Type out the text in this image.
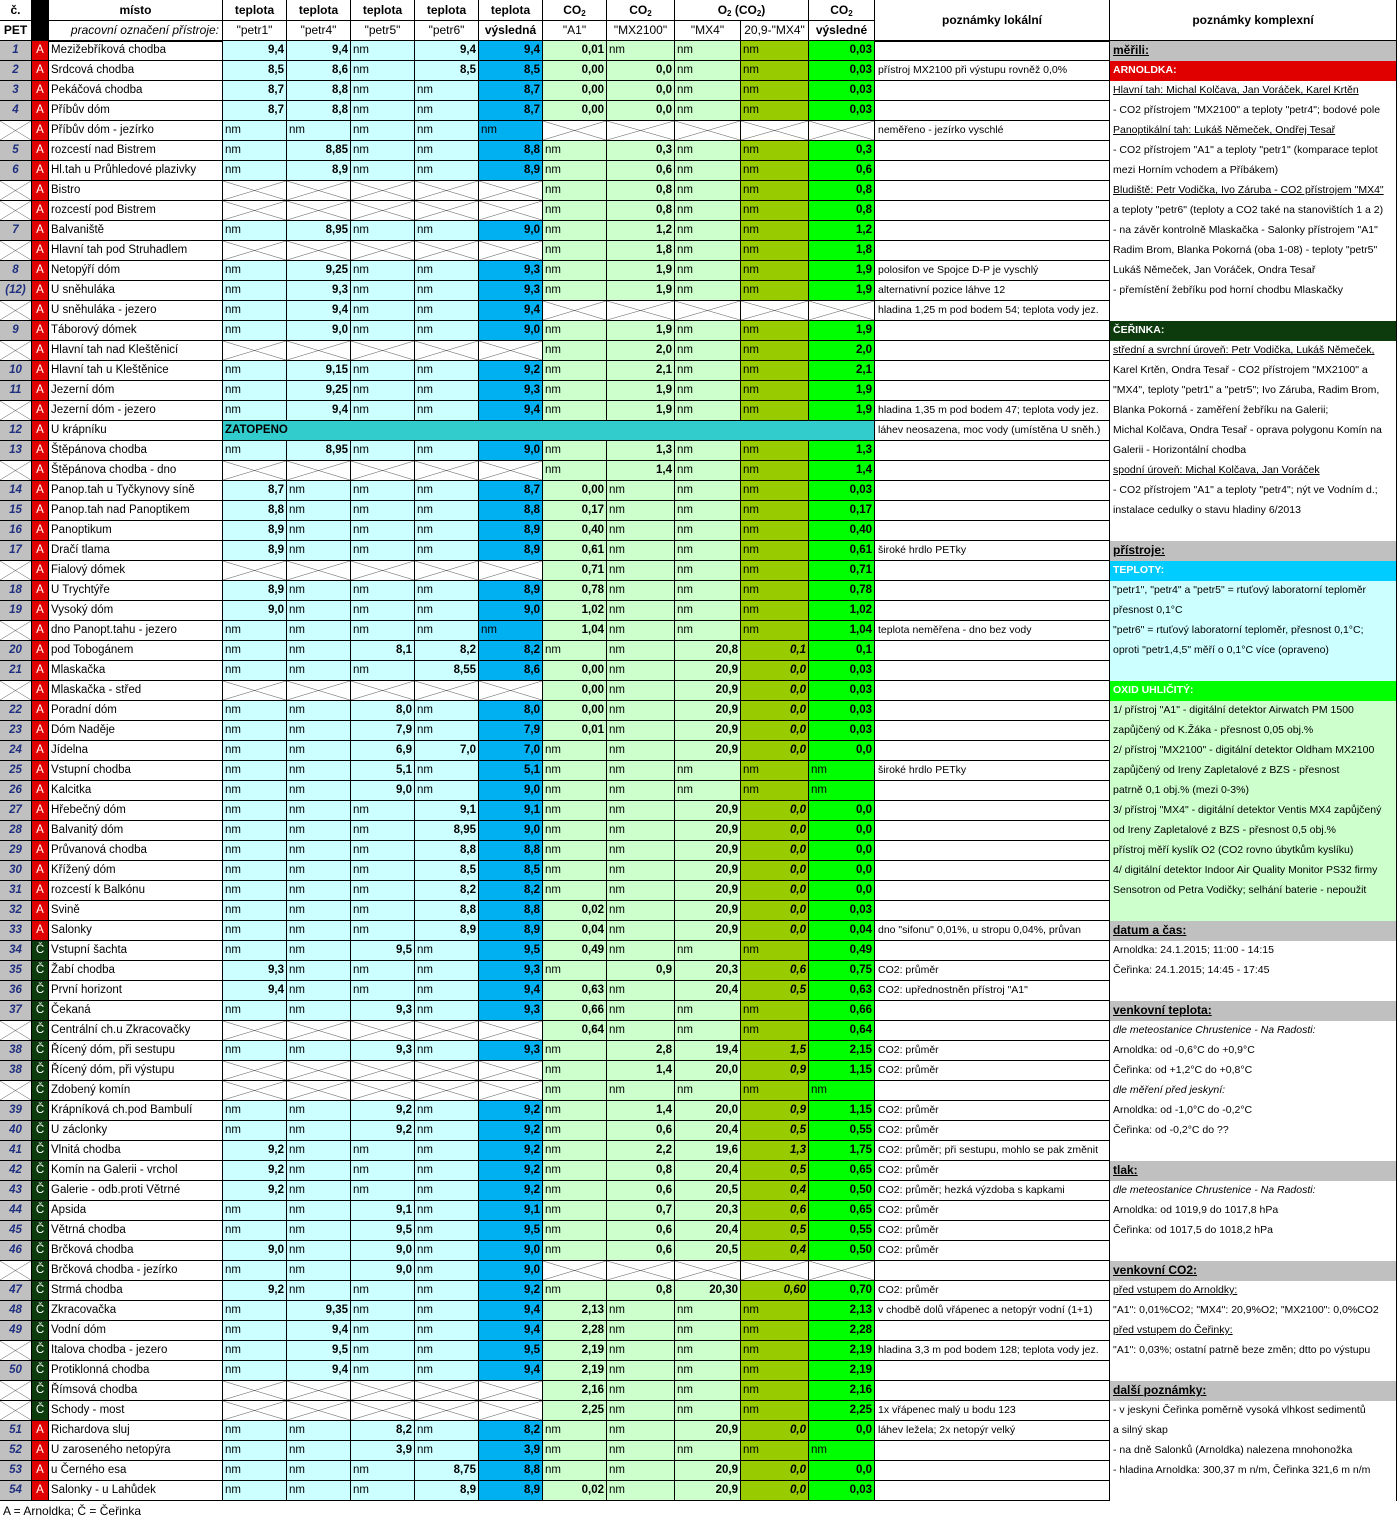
č.	místo	teplota	teplota	teplota	teplota	teplota	$CO_2$	$CO_2$	$O_2$ $(CO_2)$	$CO_2$	poznámky lokální	poznámky komplexní
PET	pracovní označení přístroje:	"petr1"	"petr4"	"petr5"	"petr6"	výsledná	"A1"	"MX2100"	"MX4"	20,9-"MX4" výsledné
1	A Mezižebříková chodba	9,4	9,4 nm	9,4	9,4	0,01 nm	nm	nm	0,03
2	A Srdcová chodba	8,5	8,6 nm	8,5	8,5	0,00	0,0 nm	nm	0,03 přístroj MX2100 při výstupu rovněž 0,0%
3	A Pekáčová chodba	8,7	8,8 nm	nm	8,7	0,00	0,0 nm	nm	0,03
4	A Příbův dóm	8,7	8,8 nm	nm	8,7	0,00	0,0 nm	nm	0,03
A Příbův dóm - jezírko	nm	nm	nm	nm	nm	neměřeno - jezírko vyschlé
5	A rozcestí nad Bistrem	nm	8,85 nm	nm	8,8 nm	0,3 nm	nm	0,3
6	A Hl.tah u Průhledové plazivky	nm	8,9 nm	nm	8,9 nm	0,6 nm	nm	0,6
A Bistro	nm	0,8 nm	nm	0,8
A rozcestí pod Bistrem	nm	0,8 nm	nm	0,8
7	A Balvaniště	nm	8,95 nm	nm	9,0 nm	1,2 nm	nm	1,2
A Hlavní tah pod Struhadlem	nm	1,8 nm	nm	1,8
8	A Netopýří dóm	nm	9,25 nm	nm	9,3 nm	1,9 nm	nm	1,9 polosifon ve Spojce D-P je vyschlý
(12) A U sněhuláka	nm	9,3 nm	nm	9,3 nm	1,9 nm	nm	1,9 alternativní pozice láhve 12
A U sněhuláka - jezero	nm	9,4 nm	nm	9,4	hladina 1,25 m pod bodem 54; teplota vody jez.
9	A Táborový dómek	nm	9,0 nm	nm	9,0 nm	1,9 nm	nm	1,9
A Hlavní tah nad Kleštěnicí	nm	2,0 nm	nm	2,0
10	A Hlavní tah u Kleštěnice	nm	9,15 nm	nm	9,2 nm	2,1 nm	nm	2,1
11	A Jezerní dóm	nm	9,25 nm	nm	9,3 nm	1,9 nm	nm	1,9
A Jezerní dóm - jezero	nm	9,4 nm	nm	9,4 nm	1,9 nm	nm	1,9 hladina 1,35 m pod bodem 47; teplota vody jez.
12	A U krápníku	ZATOPENO	láhev neosazena, moc vody (umístěna U sněh.)
13	A Štěpánova chodba	nm	8,95 nm	nm	9,0 nm	1,3 nm	nm	1,3
A Štěpánova chodba - dno	nm	1,4 nm	nm	1,4
14	A Panop.tah u Tyčkynovy síně	8,7 nm	nm	nm	8,7	0,00 nm	nm	nm	0,03
15	A Panop.tah nad Panoptikem	8,8 nm	nm	nm	8,8	0,17 nm	nm	nm	0,17
16	A Panoptikum	8,9 nm	nm	nm	8,9	0,40 nm	nm	nm	0,40
17	A Dračí tlama	8,9 nm	nm	nm	8,9	0,61 nm	nm	nm	0,61 široké hrdlo PETky
A Fialový dómek	0,71 nm	nm	nm	0,71
18	A U Trychtýře	8,9 nm	nm	nm	8,9	0,78 nm	nm	nm	0,78
19	A Vysoký dóm	9,0 nm	nm	nm	9,0	1,02 nm	nm	nm	1,02
A dno Panopt.tahu - jezero	nm	nm	nm	nm	nm	1,04 nm	nm	nm	1,04 teplota neměřena - dno bez vody
20	A pod Tobogánem	nm	nm	8,1	8,2	8,2 nm	nm	20,8	0,1	0,1
21	A Mlaskačka	nm	nm	nm	8,55	8,6	0,00 nm	20,9	0,0	0,03
A Mlaskačka - střed	0,00 nm	20,9	0,0	0,03
22	A Poradní dóm	nm	nm	8,0 nm	8,0	0,00 nm	20,9	0,0	0,03
23	A Dóm Naděje	nm	nm	7,9 nm	7,9	0,01 nm	20,9	0,0	0,03
24	A Jídelna	nm	nm	6,9	7,0	7,0 nm	nm	20,9	0,0	0,0
25	A Vstupní chodba	nm	nm	5,1 nm	5,1 nm	nm	nm	nm	nm	široké hrdlo PETky
26	A Kalcitka	nm	nm	9,0 nm	9,0 nm	nm	nm	nm	nm
27	A Hřebečný dóm	nm	nm	nm	9,1	9,1 nm	nm	20,9	0,0	0,0
28	A Balvanitý dóm	nm	nm	nm	8,95	9,0 nm	nm	20,9	0,0	0,0
29	A Průvanová chodba	nm	nm	nm	8,8	8,8 nm	nm	20,9	0,0	0,0
30	A Křížený dóm	nm	nm	nm	8,5	8,5 nm	nm	20,9	0,0	0,0
31	A rozcestí k Balkónu	nm	nm	nm	8,2	8,2 nm	nm	20,9	0,0	0,0
32	A Svině	nm	nm	nm	8,8	8,8	0,02 nm	20,9	0,0	0,03
33	A Salonky	nm	nm	nm	8,9	8,9	0,04 nm	20,9	0,0	0,04 dno "sifonu" 0,01%, u stropu 0,04%, průvan
34	Č Vstupní šachta	nm	nm	9,5 nm	9,5	0,49 nm	nm	nm	0,49
35	Č Žabí chodba	9,3 nm	nm	nm	9,3 nm	0,9	20,3	0,6	0,75 CO2: průměr
36	Č První horizont	9,4 nm	nm	nm	9,4	0,63 nm	20,4	0,5	0,63 CO2: upřednostněn přístroj "A1"
37	Č Čekaná	nm	nm	9,3 nm	9,3	0,66 nm	nm	nm	0,66
Č Centrální ch.u Zkracovačky	0,64 nm	nm	nm	0,64
38	Č Řícený dóm, při sestupu	nm	nm	9,3 nm	9,3 nm	2,8	19,4	1,5	2,15 CO2: průměr
38	Č Řícený dóm, při výstupu	nm	1,4	20,0	0,9	1,15 CO2: průměr
Č Zdobený komín	nm	nm	nm	nm	nm
39	Č Krápníková ch.pod Bambulí	nm	nm	9,2 nm	9,2 nm	1,4	20,0	0,9	1,15 CO2: průměr
40	Č U záclonky	nm	nm	9,2 nm	9,2 nm	0,6	20,4	0,5	0,55 CO2: průměr
41	Č Vlnitá chodba	9,2 nm	nm	nm	9,2 nm	2,2	19,6	1,3	1,75 CO2: průměr; při sestupu, mohlo se pak změnit
42	Č Komín na Galerii - vrchol	9,2 nm	nm	nm	9,2 nm	0,8	20,4	0,5	0,65 CO2: průměr
43	Č Galerie - odb.proti Větrné	9,2 nm	nm	nm	9,2 nm	0,6	20,5	0,4	0,50 CO2: průměr; hezká výzdoba s kapkami
44	Č Apsida	nm	nm	9,1 nm	9,1 nm	0,7	20,3	0,6	0,65 CO2: průměr
45	Č Větrná chodba	nm	nm	9,5 nm	9,5 nm	0,6	20,4	0,5	0,55 CO2: průměr
46	Č Brčková chodba	9,0 nm	9,0 nm	9,0 nm	0,6	20,5	0,4	0,50 CO2: průměr
Č Brčková chodba - jezírko	nm	nm	9,0 nm	9,0
47	Č Strmá chodba	9,2 nm	nm	nm	9,2 nm	0,8	20,30	0,60	0,70 CO2: průměr
48	Č Zkracovačka	nm	9,35 nm	nm	9,4	2,13 nm	nm	nm	2,13 v chodbě dolů vřápenec a netopýr vodní (1+1)
49	Č Vodní dóm	nm	9,4 nm	nm	9,4	2,28 nm	nm	nm	2,28
Č Italova chodba - jezero	nm	9,5 nm	nm	9,5	2,19 nm	nm	nm	2,19 hladina 3,3 m pod bodem 128; teplota vody jez.
50	Č Protiklonná chodba	nm	9,4 nm	nm	9,4	2,19 nm	nm	nm	2,19
Č Římsová chodba	2,16 nm	nm	nm	2,16
Č Schody - most	2,25 nm	nm	nm	2,25 1x vřápenec malý u bodu 123
51	A Richardova sluj	nm	nm	8,2 nm	8,2 nm	nm	20,9	0,0	0,0 láhev ležela; 2x netopýr velký
52	A U zaroseného netopýra	nm	nm	3,9 nm	3,9 nm	nm	nm	nm	nm
53	A u Černého esa	nm	nm	nm	8,75	8,8 nm	nm	20,9	0,0	0,0
54	A Salonky - u Lahůdek	nm	nm	nm	8,9	8,9	0,02 nm	20,9	0,0	0,03
měřili:
ARNOLDKA:
Hlavní tah: Michal Kolčava, Jan Voráček, Karel Krtěn
- CO2 přístrojem "MX2100" a teploty "petr4"; bodové pole
Panoptikální tah: Lukáš Němeček, Ondřej Tesař
- CO2 přístrojem "A1" a teploty "petr1" (komparace teplot
mezi Horním vchodem a Příbákem)
Bludiště: Petr Vodička, Ivo Záruba - CO2 přístrojem "MX4"
a teploty "petr6" (teploty a CO2 také na stanovištích 1 a 2)
- na závěr kontrolně Mlaskačka - Salonky přístrojem "A1"
Radim Brom, Blanka Pokorná (oba 1-08) - teploty "petr5"
Lukáš Němeček, Jan Voráček, Ondra Tesař
- přemístění žebříku pod horní chodbu Mlaskačky
ČEŘINKA:
střední a svrchní úroveň: Petr Vodička, Lukáš Němeček,
Karel Krtěn, Ondra Tesař - CO2 přístrojem "MX2100" a
"MX4", teploty "petr1" a "petr5"; Ivo Záruba, Radim Brom,
Blanka Pokorná - zaměření žebříku na Galerii;
Michal Kolčava, Ondra Tesař - oprava polygonu Komín na
Galerii - Horizontální chodba
spodní úroveň: Michal Kolčava, Jan Voráček
- CO2 přístrojem "A1" a teploty "petr4"; nýt ve Vodním d.;
instalace cedulky o stavu hladiny 6/2013
přístroje:
TEPLOTY:
"petr1", "petr4" a "petr5" = rtuťový laboratorní teploměr
přesnost 0,1°C
"petr6" = rtuťový laboratorní teploměr, přesnost 0,1°C;
oproti "petr1,4,5" měří o 0,1°C více (opraveno)
OXID UHLIČITÝ:
1/ přístroj "A1" - digitální detektor Airwatch PM 1500
zapůjčený od K.Žáka - přesnost 0,05 obj.%
2/ přístroj "MX2100" - digitální detektor Oldham MX2100
zapůjčený od Ireny Zapletalové z BZS - přesnost
patrně 0,1 obj.% (mezi 0-3%)
3/ přístroj "MX4" - digitální detektor Ventis MX4 zapůjčený
od Ireny Zapletalové z BZS - přesnost 0,5 obj.%
přístroj měří kyslík O2 (CO2 rovno úbytkům kyslíku)
4/ digitální detektor Indoor Air Quality Monitor PS32 firmy
Sensotron od Petra Vodičky; selhání baterie - nepoužit
datum a čas:
Arnoldka: 24.1.2015; 11:00 - 14:15
Čeřinka: 24.1.2015; 14:45 - 17:45
venkovní teplota:
dle meteostanice Chrustenice - Na Radosti:
Arnoldka: od -0,6°C do +0,9°C
Čeřinka: od +1,2°C do +0,8°C
dle měření před jeskyní:
Arnoldka: od -1,0°C do -0,2°C
Čeřinka: od -0,2°C do ??
tlak:
dle meteostanice Chrustenice - Na Radosti:
Arnoldka: od 1019,9 do 1017,8 hPa
Čeřinka: od 1017,5 do 1018,2 hPa
venkovní CO2:
před vstupem do Arnoldky:
"A1": 0,01%CO2; "MX4": 20,9%O2; "MX2100": 0,0%CO2
před vstupem do Čeřinky:
"A1": 0,03%; ostatní patrně beze změn; dtto po výstupu
další poznámky:
- v jeskyni Čeřinka poměrně vysoká vlhkost sedimentů
a silný skap
- na dně Salonků (Arnoldka) nalezena mnohonožka
- hladina Arnoldka: 300,37 m n/m, Čeřinka 321,6 m n/m
A = Arnoldka; Č = Čeřinka
